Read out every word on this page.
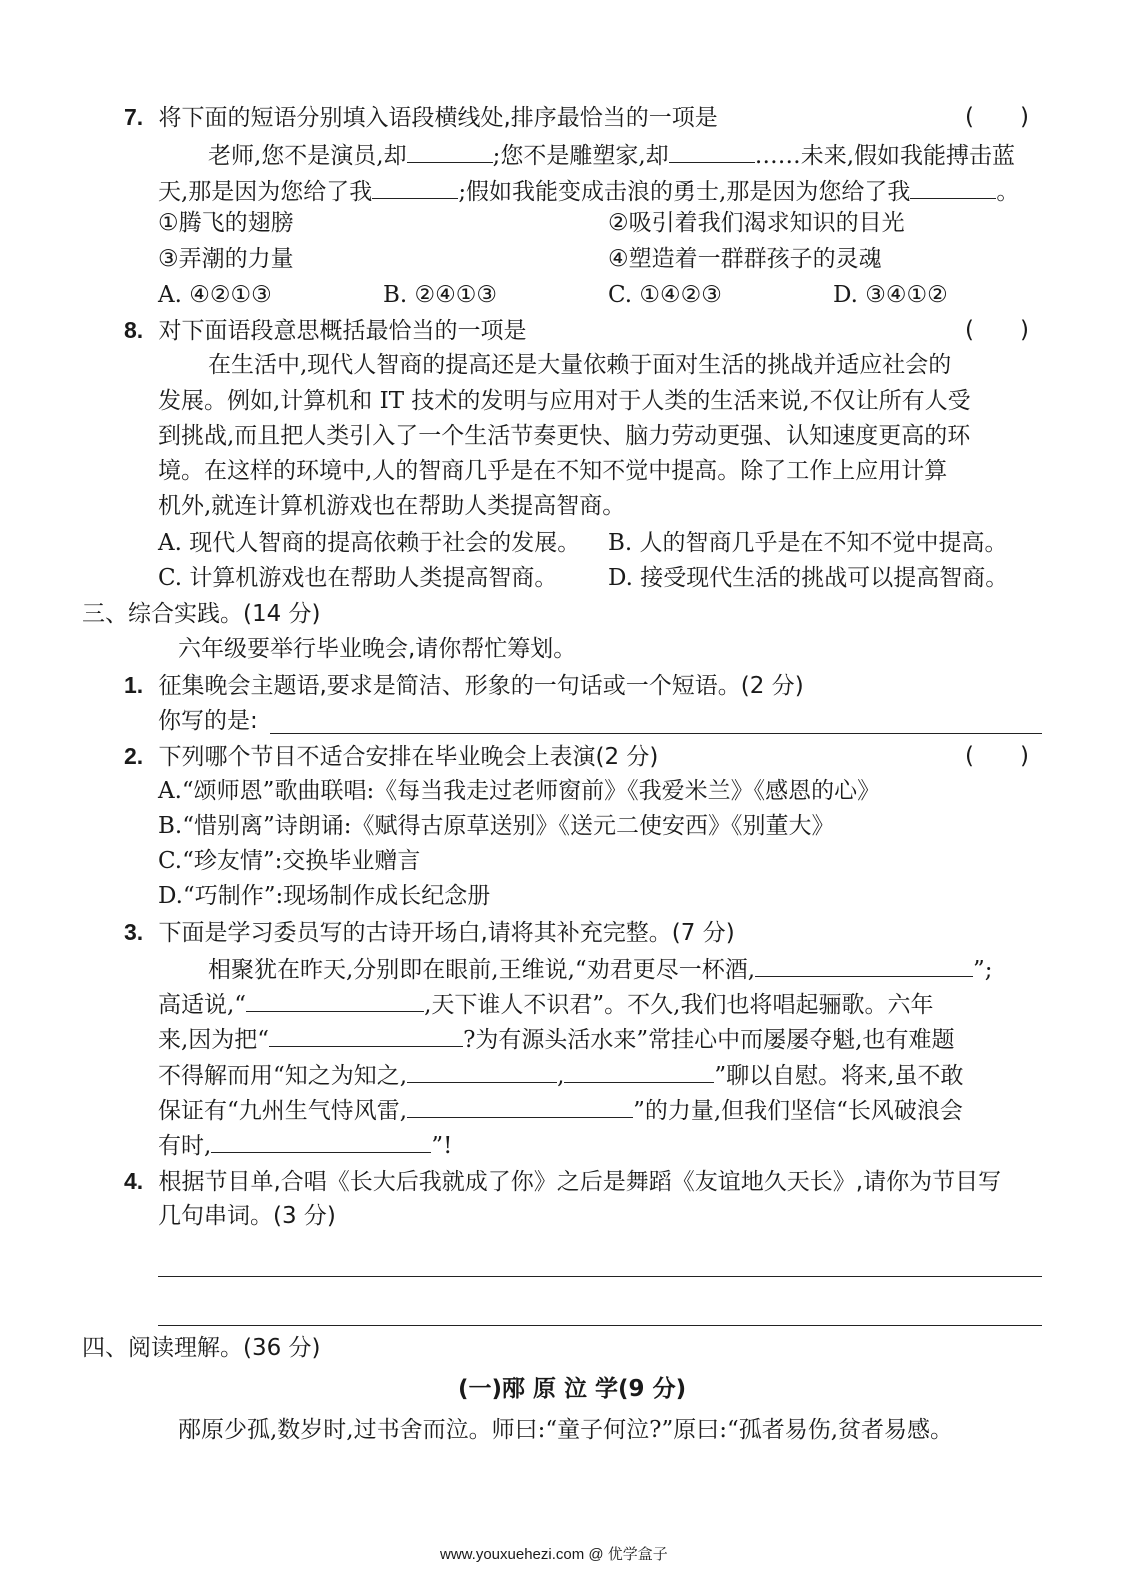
7. 将下面的短语分别填入语段横线处,排序最恰当的一项是	(　　)
老师,您不是演员,却	;您不是雕塑家,却	……未来,假如我能搏击蓝
天,那是因为您给了我	;假如我能变成击浪的勇士,那是因为您给了我	。
①腾飞的翅膀	②吸引着我们渴求知识的目光
③弄潮的力量	④塑造着一群群孩子的灵魂
A. ④②①③	B. ②④①③	C. ①④②③	D. ③④①②
8. 对下面语段意思概括最恰当的一项是	(　　)
在生活中,现代人智商的提高还是大量依赖于面对生活的挑战并适应社会的
发展。例如,计算机和 IT 技术的发明与应用对于人类的生活来说,不仅让所有人受
到挑战,而且把人类引入了一个生活节奏更快、脑力劳动更强、认知速度更高的环
境。在这样的环境中,人的智商几乎是在不知不觉中提高。除了工作上应用计算
机外,就连计算机游戏也在帮助人类提高智商。
A. 现代人智商的提高依赖于社会的发展。 B. 人的智商几乎是在不知不觉中提高。
C. 计算机游戏也在帮助人类提高智商。 D. 接受现代生活的挑战可以提高智商。
三、综合实践。(14 分)
六年级要举行毕业晚会,请你帮忙筹划。
1. 征集晚会主题语,要求是简洁、形象的一句话或一个短语。(2 分)
你写的是:
2. 下列哪个节目不适合安排在毕业晚会上表演(2 分)	(　　)
A.“颂师恩”歌曲联唱:《每当我走过老师窗前》《我爱米兰》《感恩的心》
B.“惜别离”诗朗诵:《赋得古原草送别》《送元二使安西》《别董大》
C.“珍友情”:交换毕业赠言
D.“巧制作”:现场制作成长纪念册
3. 下面是学习委员写的古诗开场白,请将其补充完整。(7 分)
相聚犹在昨天,分别即在眼前,王维说,“劝君更尽一杯酒,	”;
高适说,“	,天下谁人不识君”。不久,我们也将唱起骊歌。六年
来,因为把“	?为有源头活水来”常挂心中而屡屡夺魁,也有难题
不得解而用“知之为知之,	,	”聊以自慰。将来,虽不敢
保证有“九州生气恃风雷,	”的力量,但我们坚信“长风破浪会
有时,	”!
4. 根据节目单,合唱《长大后我就成了你》之后是舞蹈《友谊地久天长》,请你为节目写
几句串词。(3 分)
四、阅读理解。(36 分)
(一)邴 原 泣 学(9 分)
邴原少孤,数岁时,过书舍而泣。师曰:“童子何泣?”原曰:“孤者易伤,贫者易感。
www.youxuehezi.com @ 优学盒子
